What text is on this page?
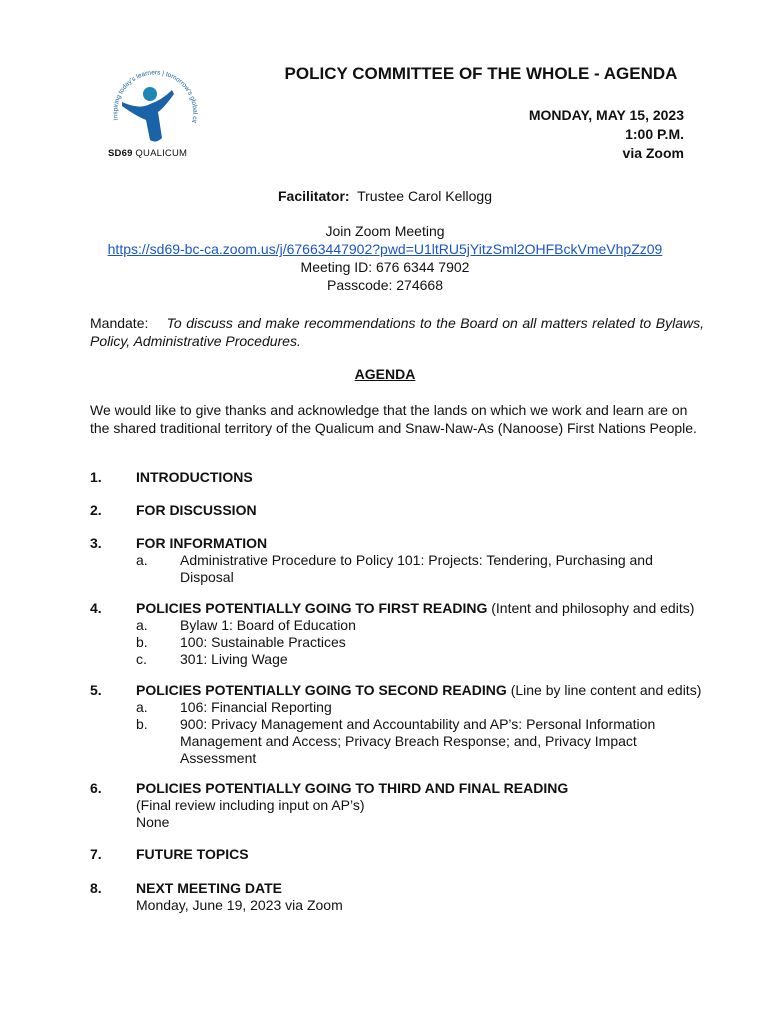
Inspiring today's learners | tomorrow's global cit
SD69 QUALICUM
POLICY COMMITTEE OF THE WHOLE - AGENDA
MONDAY, MAY 15, 2023
1:00 P.M.
via Zoom
Facilitator: Trustee Carol Kellogg
Join Zoom Meeting
https://sd69-bc-ca.zoom.us/j/67663447902?pwd=U1ltRU5jYitzSml2OHFBckVmeVhpZz09
Meeting ID: 676 6344 7902
Passcode: 274668
Mandate: To discuss and make recommendations to the Board on all matters related to Bylaws, Policy, Administrative Procedures.
AGENDA
We would like to give thanks and acknowledge that the lands on which we work and learn are on the shared traditional territory of the Qualicum and Snaw-Naw-As (Nanoose) First Nations People.
1. INTRODUCTIONS
2. FOR DISCUSSION
3. FOR INFORMATION
a. Administrative Procedure to Policy 101: Projects: Tendering, Purchasing and Disposal
4. POLICIES POTENTIALLY GOING TO FIRST READING (Intent and philosophy and edits)
a. Bylaw 1: Board of Education
b. 100: Sustainable Practices
c. 301: Living Wage
5. POLICIES POTENTIALLY GOING TO SECOND READING (Line by line content and edits)
a. 106: Financial Reporting
b. 900: Privacy Management and Accountability and AP’s: Personal Information Management and Access; Privacy Breach Response; and, Privacy Impact Assessment
6. POLICIES POTENTIALLY GOING TO THIRD AND FINAL READING
(Final review including input on AP’s)
None
7. FUTURE TOPICS
8. NEXT MEETING DATE
Monday, June 19, 2023 via Zoom
